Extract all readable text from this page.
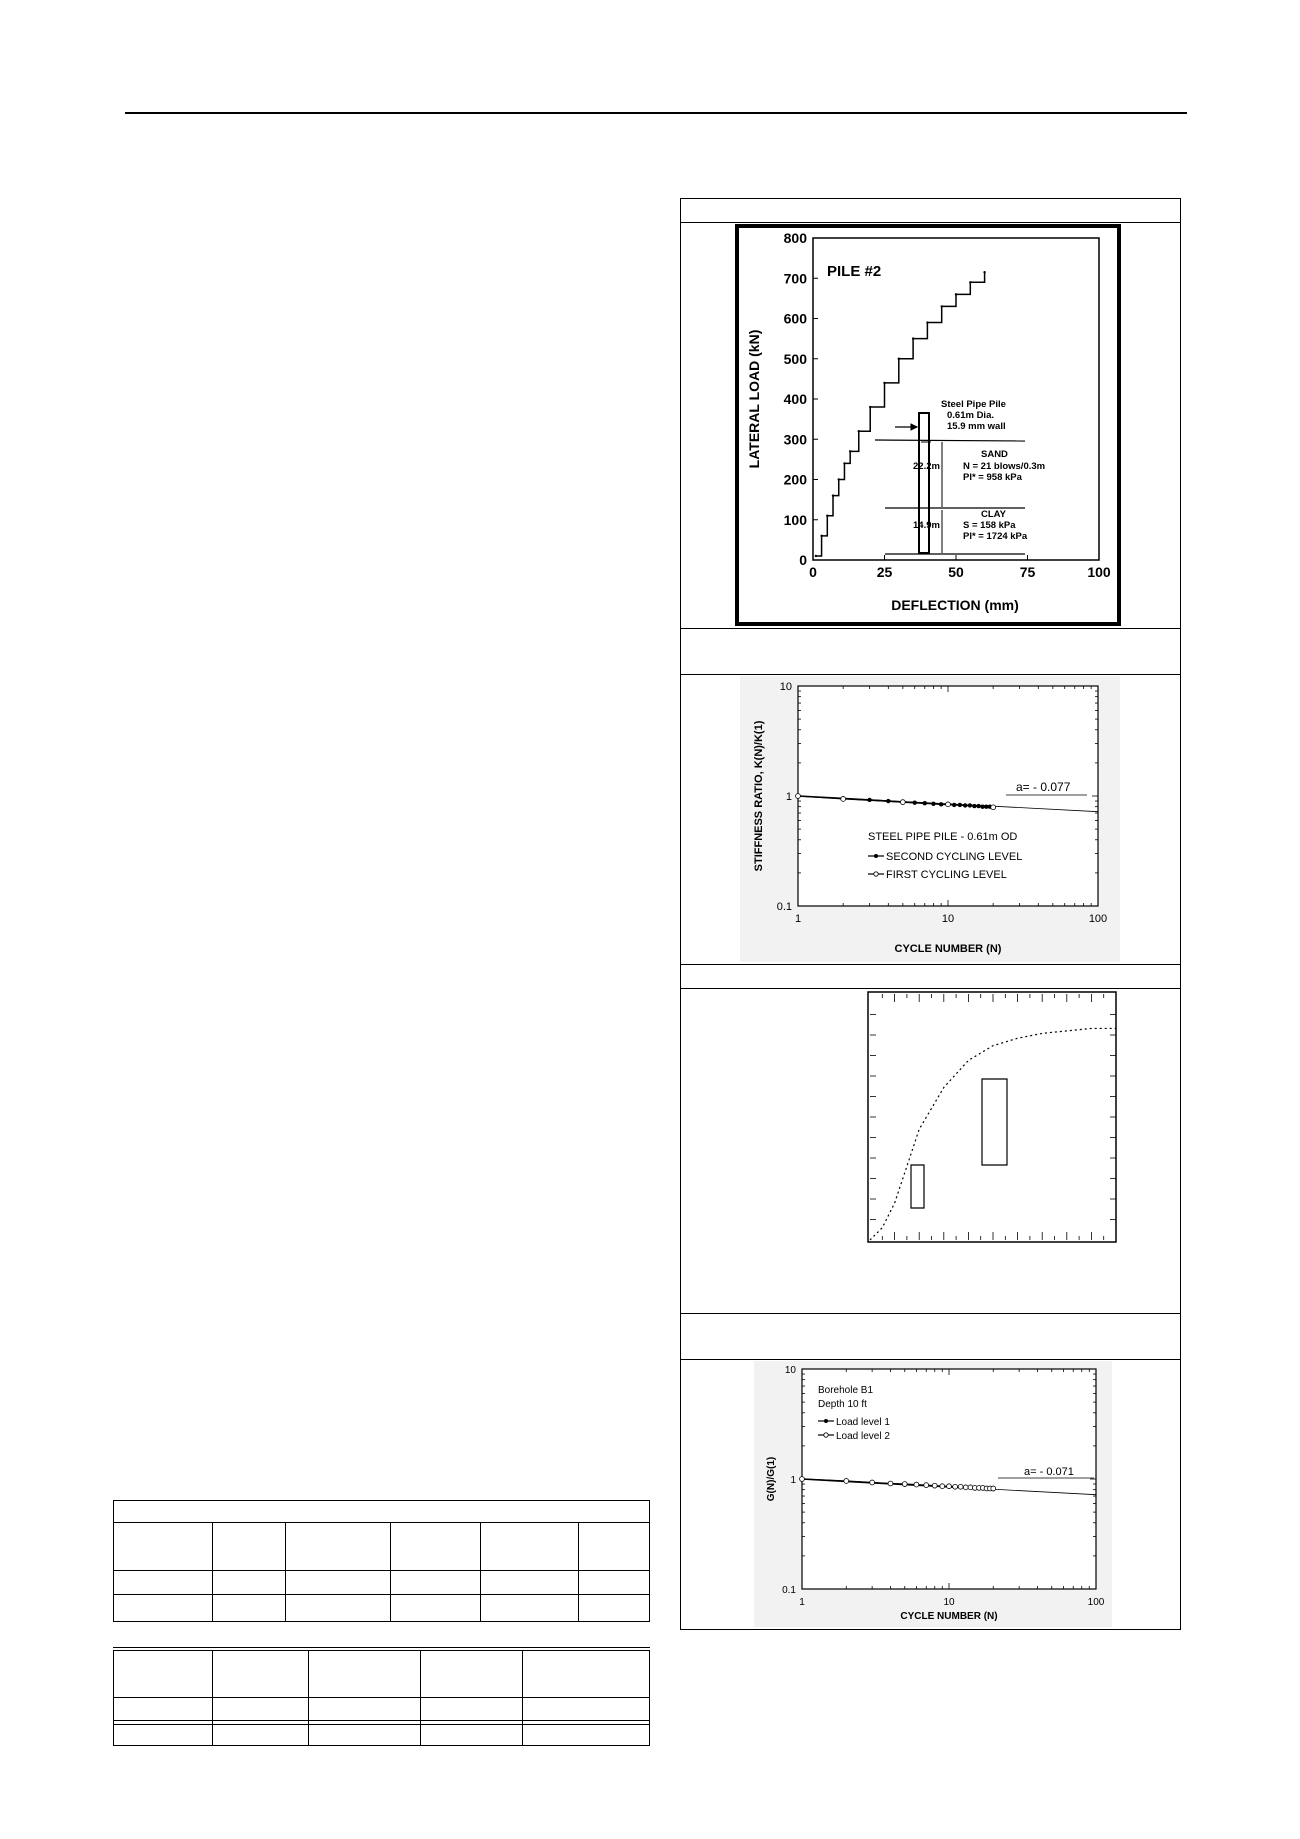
0	25	50	75	100
0
100
200
300
400
500
600
700
800
PILE #2
DEFLECTION (mm)
LATERAL LOAD (kN)	Steel Pipe Pile
0.61m Dia.
15.9 mm wall
SAND
22.2m N = 21 blows/0.3m
Pl* = 958 kPa
CLAY
14.9m S = 158 kPa
Pl* = 1724 kPa
1	10	100
0.1
1
10
a= - 0.077
STEEL PIPE PILE - 0.61m OD
SECOND CYCLING LEVEL
FIRST CYCLING LEVEL
CYCLE NUMBER (N)
STIFFNESS RATIO, K(N)/K(1)
1	10	100
0.1
1
10
a= - 0.071
Borehole B1
Depth 10 ft
Load level 1
Load level 2
CYCLE NUMBER (N)
G(N)/G(1)
